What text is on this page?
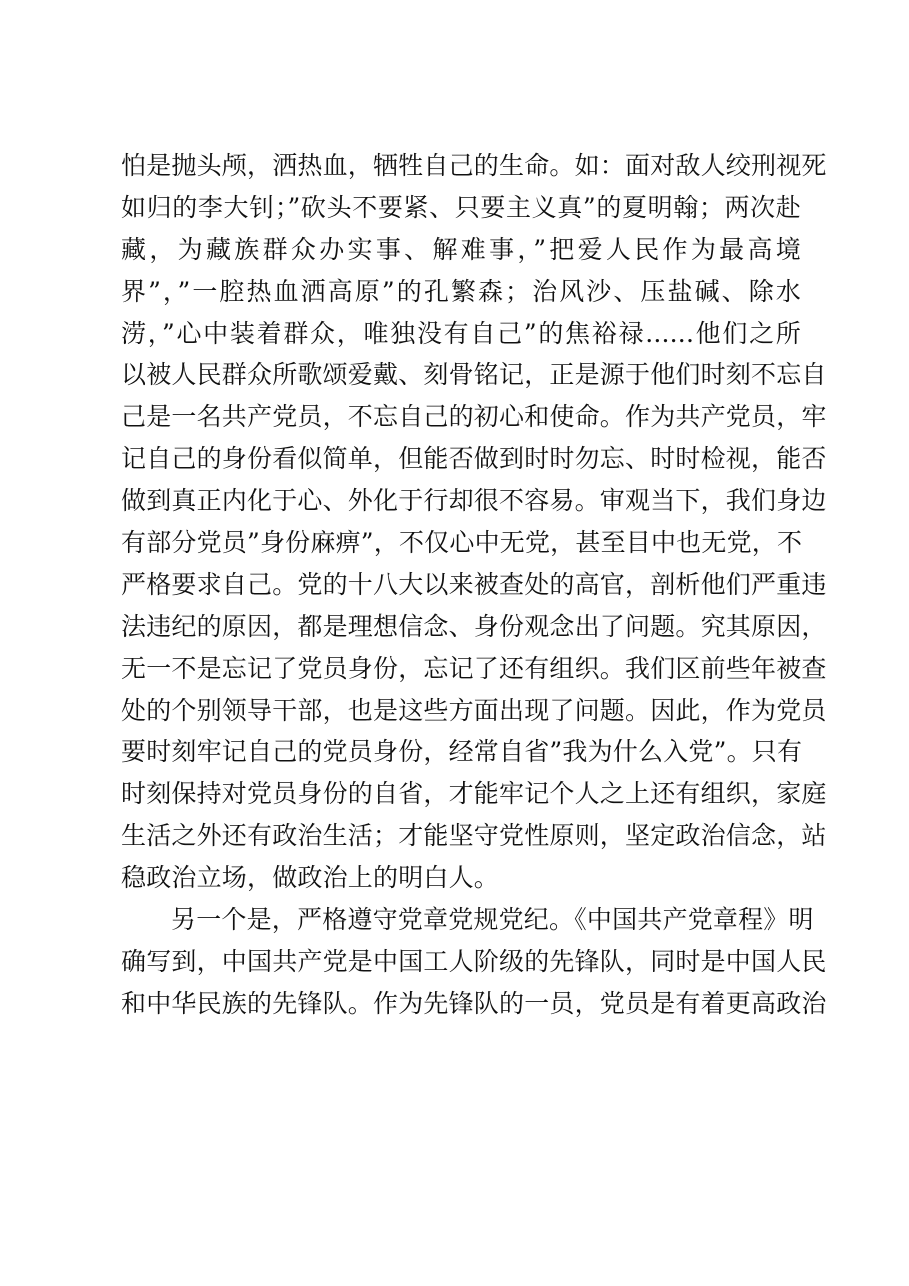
怕是抛头颅，洒热血，牺牲自己的生命。如：面对敌人绞刑视死
如归的李大钊；”砍头不要紧、只要主义真”的夏明翰；两次赴
藏，为藏族群众办实事、解难事，”把爱人民作为最高境
界”，”一腔热血洒高原”的孔繁森；治风沙、压盐碱、除水
涝，”心中装着群众，唯独没有自己”的焦裕禄......他们之所
以被人民群众所歌颂爱戴、刻骨铭记，正是源于他们时刻不忘自
己是一名共产党员，不忘自己的初心和使命。作为共产党员，牢
记自己的身份看似简单，但能否做到时时勿忘、时时检视，能否
做到真正内化于心、外化于行却很不容易。审观当下，我们身边
有部分党员”身份麻痹”，不仅心中无党，甚至目中也无党，不
严格要求自己。党的十八大以来被查处的高官，剖析他们严重违
法违纪的原因，都是理想信念、身份观念出了问题。究其原因，
无一不是忘记了党员身份，忘记了还有组织。我们区前些年被查
处的个别领导干部，也是这些方面出现了问题。因此，作为党员
要时刻牢记自己的党员身份，经常自省”我为什么入党”。只有
时刻保持对党员身份的自省，才能牢记个人之上还有组织，家庭
生活之外还有政治生活；才能坚守党性原则，坚定政治信念，站
稳政治立场，做政治上的明白人。
另一个是，严格遵守党章党规党纪。《中国共产党章程》明
确写到，中国共产党是中国工人阶级的先锋队，同时是中国人民
和中华民族的先锋队。作为先锋队的一员，党员是有着更高政治
